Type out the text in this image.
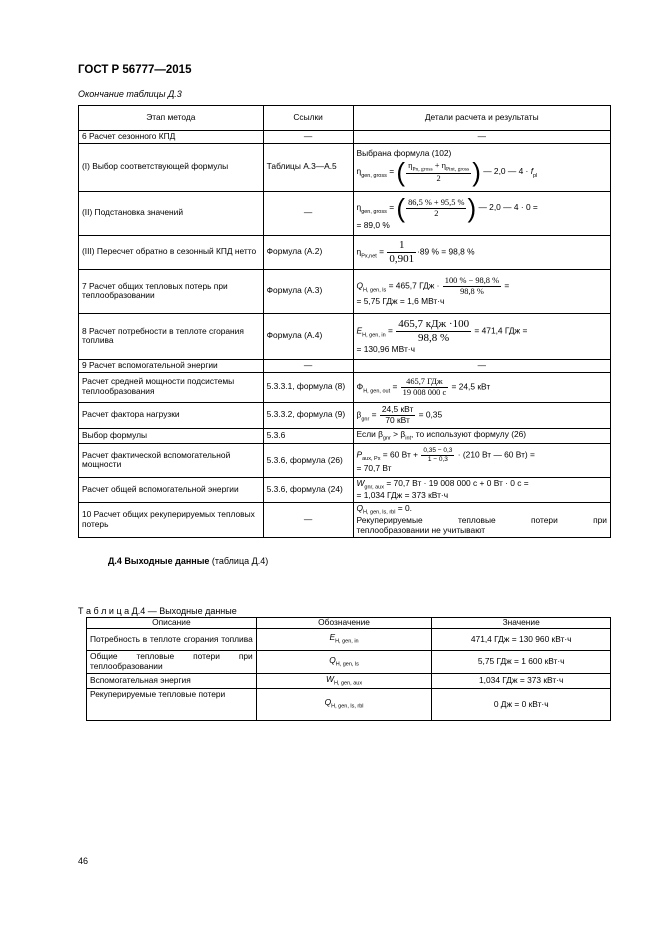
ГОСТ Р 56777—2015
Окончание таблицы Д.3
Этап метода	Ссылки	Детали расчета и результаты
6 Расчет сезонного КПД	—	—
(I) Выбор соответствующей формулы	Таблицы А.3—А.5	Выбрана формула (102)
$\eta_{gen, gross}$ = ( $\frac{\eta_{Pn, gross} + \eta_{Pint, gross}}{2}$ ) — 2,0 — $4 \cdot f_{pl}$

(II) Подстановка значений	—	$\eta_{gen, gross}$ = ( $\frac{86,5 \% + 95,5 \%}{2}$ ) — 2,0 — 4 · 0 =
= 89,0 %

(III) Пересчет обратно в сезонный КПД нетто	Формула (А.2)	$\eta_{Px,net} = \frac{1}{0,901} \cdot 89$ % = 98,8 %
7 Расчет общих тепловых потерь при теплообразовании	Формула (А.3)	$Q_{H, gen, ls} = 465,7$ ГДж · $\frac{100 \% - 98,8 \%}{98,8 \%}$ =
= 5,75 ГДж = 1,6 МВт·ч

8 Расчет потребности в теплоте сгорания топлива	Формула (А.4)	$E_{H, gen, in} = \frac{\text{465,7 кДж ·100}}{98,8 \%} = 471,4$ ГДж =
= 130,96 МВт·ч

9 Расчет вспомогательной энергии	—	—
Расчет средней мощности подсистемы теплообразования	5.3.3.1, формула (8)	$\Phi_{H, gen, out} = \frac{\text{465,7 ГДж}}{19 008 000 с} = 24,5$ кВт
Расчет фактора нагрузки	5.3.3.2, формула (9)	$\beta_{gnr} = \frac{\text{24,5 кВт}}{\text{70 кВт}} = 0,35$
Выбор формулы	5.3.6	Если $\beta_{gnr} > \beta_{int}$, то используют формулу (26)
Расчет фактической вспомогательной мощности	5.3.6, формула (26)	$P_{aux, Px} = 60$ Вт + $\frac{0,35 - 0,3}{1 - 0,3} \cdot (210$ Вт — 60 Вт) =
= 70,7 Вт

Расчет общей вспомогательной энергии	5.3.6, формула (24)	$W_{gnr, aux} = 70,7$ Вт · 19 008 000 с + 0 Вт · 0 с =
= 1,034 ГДж = 373 кВт·ч

10 Расчет общих рекуперируемых тепловых потерь	—	$Q_{H, gen, ls, rbl} = 0$.
Рекуперируемые тепловые потери при
теплообразовании не учитывают
Д.4 Выходные данные (таблица Д.4)
Т а б л и ц а Д.4 — Выходные данные
Описание	Обозначение	Значение
Потребность в теплоте сгорания топлива	$E_{H, gen, in}$	471,4 ГДж = 130 960 кВт·ч
Общие тепловые потери при теплообразовании	$Q_{H, gen, ls}$	5,75 ГДж = 1 600 кВт·ч
Вспомогательная энергия	$W_{H, gen, aux}$	1,034 ГДж = 373 кВт·ч
Рекуперируемые тепловые потери	$Q_{H, gen, ls, rbl}$	0 Дж = 0 кВт·ч
46
